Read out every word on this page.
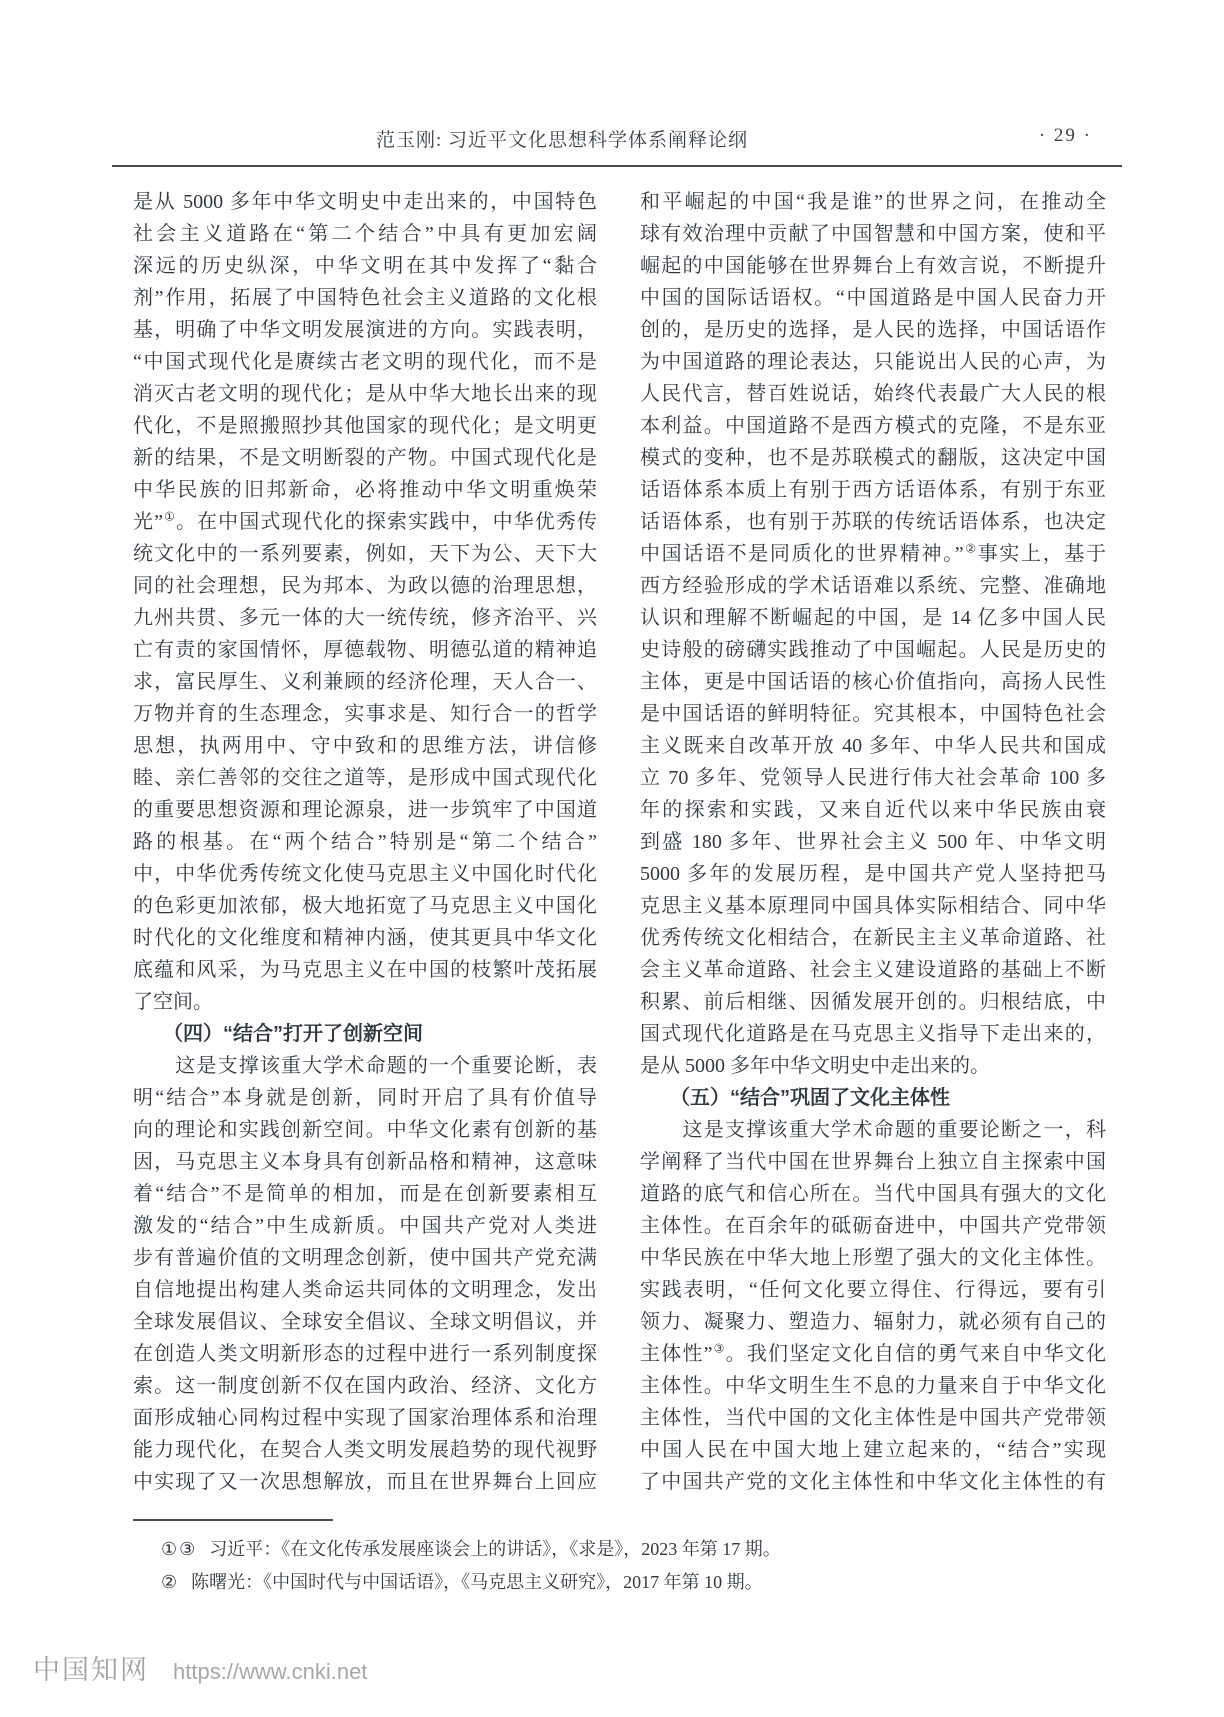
范玉刚: 习近平文化思想科学体系阐释论纲	· 29 ·
是从 5000 多年中华文明史中走出来的，中国特色
社会主义道路在“第二个结合”中具有更加宏阔
深远的历史纵深，中华文明在其中发挥了“黏合
剂”作用，拓展了中国特色社会主义道路的文化根
基，明确了中华文明发展演进的方向。实践表明，
“中国式现代化是赓续古老文明的现代化，而不是
消灭古老文明的现代化；是从中华大地长出来的现
代化，不是照搬照抄其他国家的现代化；是文明更
新的结果，不是文明断裂的产物。中国式现代化是
中华民族的旧邦新命，必将推动中华文明重焕荣
光”①。在中国式现代化的探索实践中，中华优秀传
统文化中的一系列要素，例如，天下为公、天下大
同的社会理想，民为邦本、为政以德的治理思想，
九州共贯、多元一体的大一统传统，修齐治平、兴
亡有责的家国情怀，厚德载物、明德弘道的精神追
求，富民厚生、义利兼顾的经济伦理，天人合一、
万物并育的生态理念，实事求是、知行合一的哲学
思想，执两用中、守中致和的思维方法，讲信修
睦、亲仁善邻的交往之道等，是形成中国式现代化
的重要思想资源和理论源泉，进一步筑牢了中国道
路的根基。在“两个结合”特别是“第二个结合”
中，中华优秀传统文化使马克思主义中国化时代化
的色彩更加浓郁，极大地拓宽了马克思主义中国化
时代化的文化维度和精神内涵，使其更具中华文化
底蕴和风采，为马克思主义在中国的枝繁叶茂拓展
了空间。
　　（四）“结合”打开了创新空间
　　这是支撑该重大学术命题的一个重要论断，表
明“结合”本身就是创新，同时开启了具有价值导
向的理论和实践创新空间。中华文化素有创新的基
因，马克思主义本身具有创新品格和精神，这意味
着“结合”不是简单的相加，而是在创新要素相互
激发的“结合”中生成新质。中国共产党对人类进
步有普遍价值的文明理念创新，使中国共产党充满
自信地提出构建人类命运共同体的文明理念，发出
全球发展倡议、全球安全倡议、全球文明倡议，并
在创造人类文明新形态的过程中进行一系列制度探
索。这一制度创新不仅在国内政治、经济、文化方
面形成轴心同构过程中实现了国家治理体系和治理
能力现代化，在契合人类文明发展趋势的现代视野
中实现了又一次思想解放，而且在世界舞台上回应
和平崛起的中国“我是谁”的世界之问，在推动全
球有效治理中贡献了中国智慧和中国方案，使和平
崛起的中国能够在世界舞台上有效言说，不断提升
中国的国际话语权。“中国道路是中国人民奋力开
创的，是历史的选择，是人民的选择，中国话语作
为中国道路的理论表达，只能说出人民的心声，为
人民代言，替百姓说话，始终代表最广大人民的根
本利益。中国道路不是西方模式的克隆，不是东亚
模式的变种，也不是苏联模式的翻版，这决定中国
话语体系本质上有别于西方话语体系，有别于东亚
话语体系，也有别于苏联的传统话语体系，也决定
中国话语不是同质化的世界精神。”②事实上，基于
西方经验形成的学术话语难以系统、完整、准确地
认识和理解不断崛起的中国，是 14 亿多中国人民
史诗般的磅礴实践推动了中国崛起。人民是历史的
主体，更是中国话语的核心价值指向，高扬人民性
是中国话语的鲜明特征。究其根本，中国特色社会
主义既来自改革开放 40 多年、中华人民共和国成
立 70 多年、党领导人民进行伟大社会革命 100 多
年的探索和实践，又来自近代以来中华民族由衰
到盛 180 多年、世界社会主义 500 年、中华文明
5000 多年的发展历程，是中国共产党人坚持把马
克思主义基本原理同中国具体实际相结合、同中华
优秀传统文化相结合，在新民主主义革命道路、社
会主义革命道路、社会主义建设道路的基础上不断
积累、前后相继、因循发展开创的。归根结底，中
国式现代化道路是在马克思主义指导下走出来的，
是从 5000 多年中华文明史中走出来的。
　　（五）“结合”巩固了文化主体性
　　这是支撑该重大学术命题的重要论断之一，科
学阐释了当代中国在世界舞台上独立自主探索中国
道路的底气和信心所在。当代中国具有强大的文化
主体性。在百余年的砥砺奋进中，中国共产党带领
中华民族在中华大地上形塑了强大的文化主体性。
实践表明，“任何文化要立得住、行得远，要有引
领力、凝聚力、塑造力、辐射力，就必须有自己的
主体性”③。我们坚定文化自信的勇气来自中华文化
主体性。中华文明生生不息的力量来自于中华文化
主体性，当代中国的文化主体性是中国共产党带领
中国人民在中国大地上建立起来的，“结合”实现
了中国共产党的文化主体性和中华文化主体性的有
①③ 习近平：《在文化传承发展座谈会上的讲话》，《求是》，2023 年第 17 期。
② 陈曙光：《中国时代与中国话语》，《马克思主义研究》，2017 年第 10 期。
中国知网 https://www.cnki.net
